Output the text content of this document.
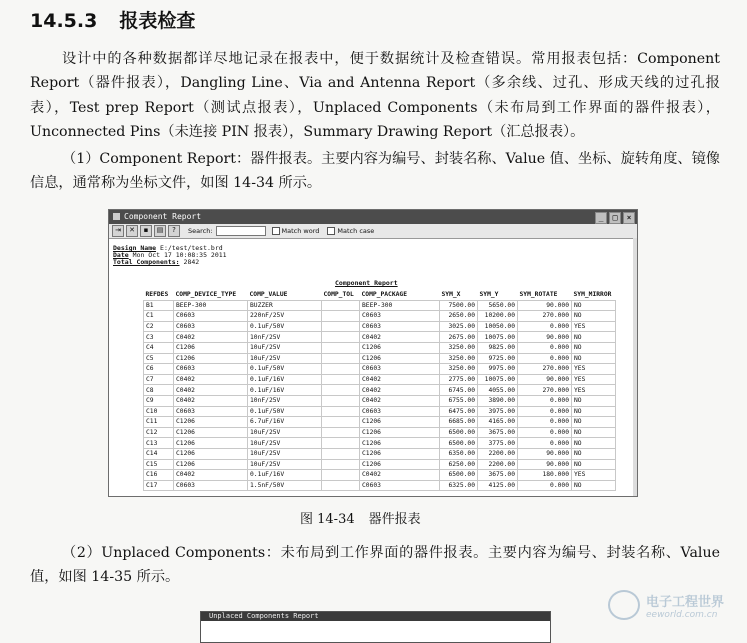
14.5.3 报表检查
设计中的各种数据都详尽地记录在报表中，便于数据统计及检查错误。常用报表包括：Component Report（器件报表），Dangling Line、Via and Antenna Report（多余线、过孔、形成天线的过孔报表），Test prep Report（测试点报表），Unplaced Components（未布局到工作界面的器件报表），Unconnected Pins（未连接 PIN 报表），Summary Drawing Report（汇总报表）。
（1）Component Report：器件报表。主要内容为编号、封装名称、Value 值、坐标、旋转角度、镜像信息，通常称为坐标文件，如图 14-34 所示。
Component Report	_	□	×
⇥	✕	▪	▤	?	Search:	Match word	Match case
Design Name E:/test/test.brd
Date Mon Oct 17 10:08:35 2011
Total Components: 2842
Component Report
REFDES	COMP_DEVICE_TYPE	COMP_VALUE	COMP_TOL	COMP_PACKAGE	SYM_X	SYM_Y	SYM_ROTATE	SYM_MIRROR
B1	BEEP-300	BUZZER		BEEP-300	7500.00	5650.00	90.000	NO
C1	C0603	220nF/25V		C0603	2650.00	10200.00	270.000	NO
C2	C0603	0.1uF/50V		C0603	3025.00	10050.00	0.000	YES
C3	C0402	10nF/25V		C0402	2675.00	10075.00	90.000	NO
C4	C1206	10uF/25V		C1206	3250.00	9825.00	0.000	NO
C5	C1206	10uF/25V		C1206	3250.00	9725.00	0.000	NO
C6	C0603	0.1uF/50V		C0603	3250.00	9975.00	270.000	YES
C7	C0402	0.1uF/16V		C0402	2775.00	10075.00	90.000	YES
C8	C0402	0.1uF/16V		C0402	6745.00	4055.00	270.000	YES
C9	C0402	10nF/25V		C0402	6755.00	3890.00	0.000	NO
C10	C0603	0.1uF/50V		C0603	6475.00	3975.00	0.000	NO
C11	C1206	6.7uF/16V		C1206	6685.00	4165.00	0.000	NO
C12	C1206	10uF/25V		C1206	6500.00	3675.00	0.000	NO
C13	C1206	10uF/25V		C1206	6500.00	3775.00	0.000	NO
C14	C1206	10uF/25V		C1206	6350.00	2200.00	90.000	NO
C15	C1206	10uF/25V		C1206	6250.00	2200.00	90.000	NO
C16	C0402	0.1uF/16V		C0402	6500.00	3675.00	180.000	YES
C17	C0603	1.5nF/50V		C0603	6325.00	4125.00	0.000	NO
图 14-34 器件报表
（2）Unplaced Components：未布局到工作界面的器件报表。主要内容为编号、封装名称、Value 值，如图 14-35 所示。
Unplaced Components Report
电子工程世界
eeworld.com.cn
